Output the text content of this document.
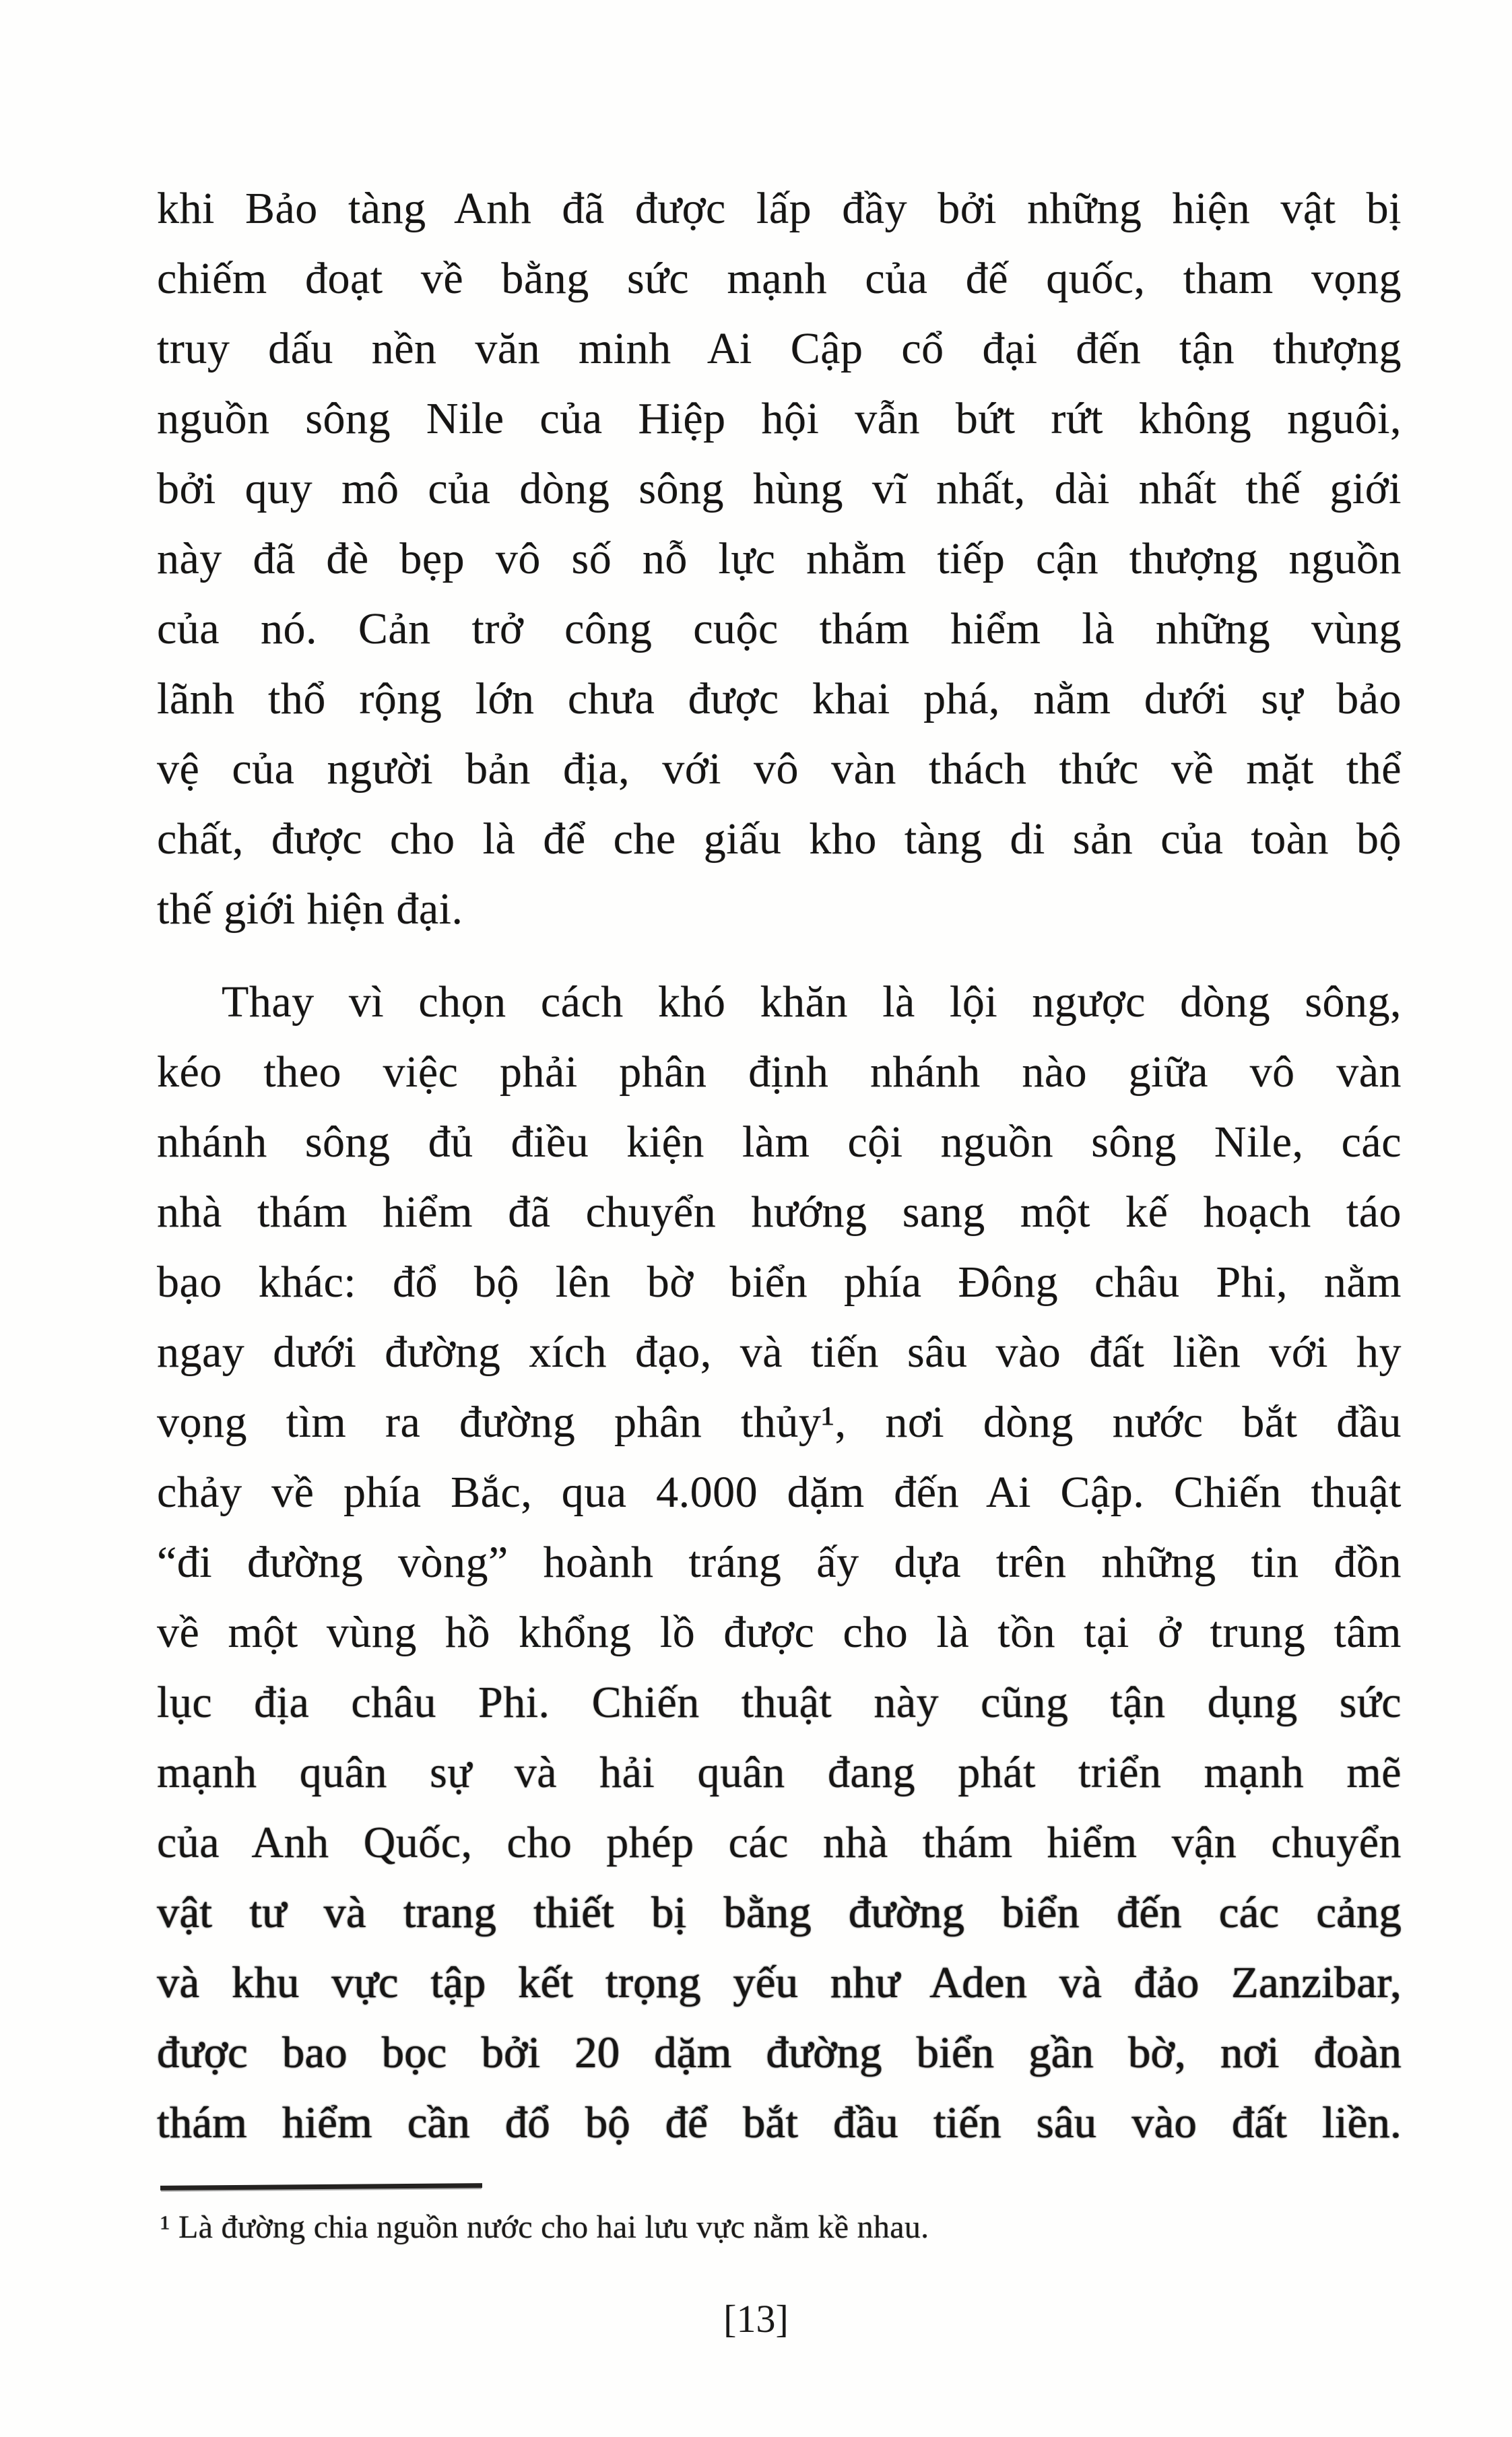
khi Bảo tàng Anh đã được lấp đầy bởi những hiện vật bị
chiếm đoạt về bằng sức mạnh của đế quốc, tham vọng
truy dấu nền văn minh Ai Cập cổ đại đến tận thượng
nguồn sông Nile của Hiệp hội vẫn bứt rứt không nguôi,
bởi quy mô của dòng sông hùng vĩ nhất, dài nhất thế giới
này đã đè bẹp vô số nỗ lực nhằm tiếp cận thượng nguồn
của nó. Cản trở công cuộc thám hiểm là những vùng
lãnh thổ rộng lớn chưa được khai phá, nằm dưới sự bảo
vệ của người bản địa, với vô vàn thách thức về mặt thể
chất, được cho là để che giấu kho tàng di sản của toàn bộ
thế giới hiện đại.
Thay vì chọn cách khó khăn là lội ngược dòng sông,
kéo theo việc phải phân định nhánh nào giữa vô vàn
nhánh sông đủ điều kiện làm cội nguồn sông Nile, các
nhà thám hiểm đã chuyển hướng sang một kế hoạch táo
bạo khác: đổ bộ lên bờ biển phía Đông châu Phi, nằm
ngay dưới đường xích đạo, và tiến sâu vào đất liền với hy
vọng tìm ra đường phân thủy¹, nơi dòng nước bắt đầu
chảy về phía Bắc, qua 4.000 dặm đến Ai Cập. Chiến thuật
“đi đường vòng” hoành tráng ấy dựa trên những tin đồn
về một vùng hồ khổng lồ được cho là tồn tại ở trung tâm
lục địa châu Phi. Chiến thuật này cũng tận dụng sức
mạnh quân sự và hải quân đang phát triển mạnh mẽ
của Anh Quốc, cho phép các nhà thám hiểm vận chuyển
vật tư và trang thiết bị bằng đường biển đến các cảng
và khu vực tập kết trọng yếu như Aden và đảo Zanzibar,
được bao bọc bởi 20 dặm đường biển gần bờ, nơi đoàn
thám hiểm cần đổ bộ để bắt đầu tiến sâu vào đất liền.
¹ Là đường chia nguồn nước cho hai lưu vực nằm kề nhau.
[13]
